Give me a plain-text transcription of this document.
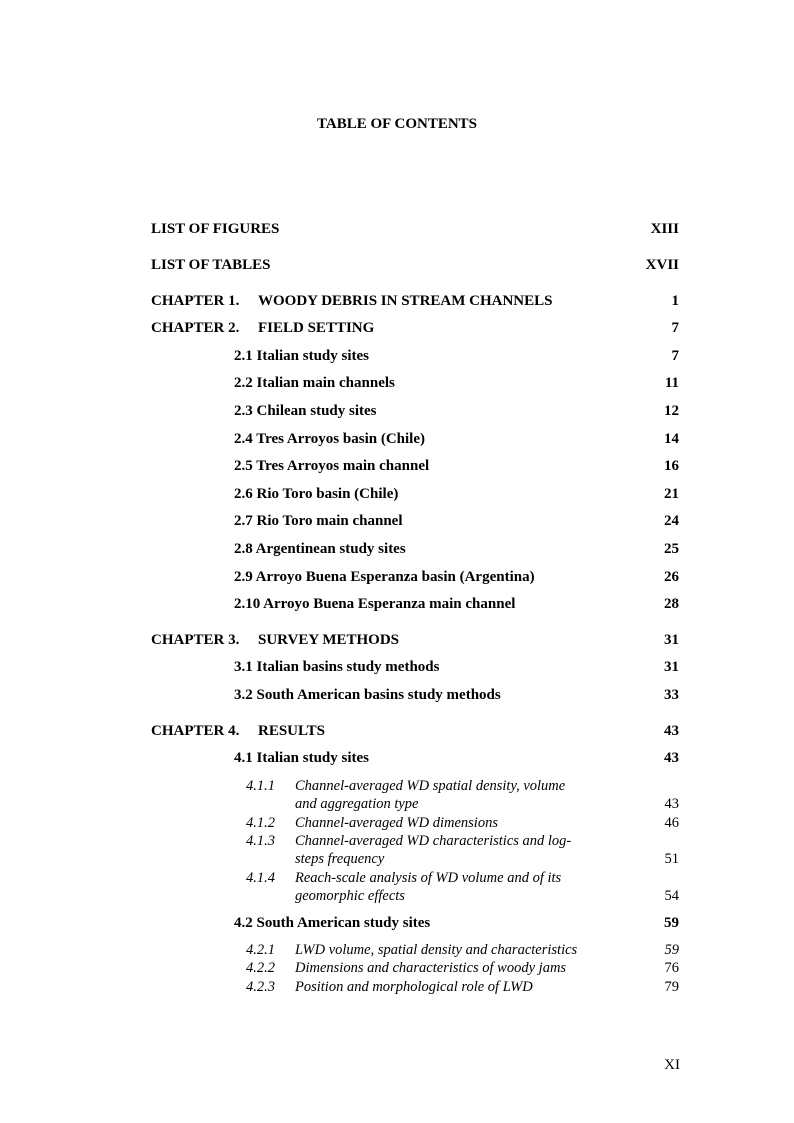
TABLE OF CONTENTS
LIST OF FIGURES	XIII
LIST OF TABLES	XVII
CHAPTER 1. WOODY DEBRIS IN STREAM CHANNELS	1
CHAPTER 2. FIELD SETTING	7
2.1 Italian study sites	7
2.2 Italian main channels	11
2.3 Chilean study sites	12
2.4 Tres Arroyos basin (Chile)	14
2.5 Tres Arroyos main channel	16
2.6 Rio Toro basin (Chile)	21
2.7 Rio Toro main channel	24
2.8 Argentinean study sites	25
2.9 Arroyo Buena Esperanza basin (Argentina)	26
2.10 Arroyo Buena Esperanza main channel	28
CHAPTER 3. SURVEY METHODS	31
3.1 Italian basins study methods	31
3.2 South American basins study methods	33
CHAPTER 4. RESULTS	43
4.1 Italian study sites	43
4.1.1 Channel-averaged WD spatial density, volume
and aggregation type	43
4.1.2 Channel-averaged WD dimensions	46
4.1.3 Channel-averaged WD characteristics and log-
steps frequency	51
4.1.4 Reach-scale analysis of WD volume and of its
geomorphic effects	54
4.2 South American study sites	59
4.2.1 LWD volume, spatial density and characteristics	59
4.2.2 Dimensions and characteristics of woody jams	76
4.2.3 Position and morphological role of LWD	79
XI
